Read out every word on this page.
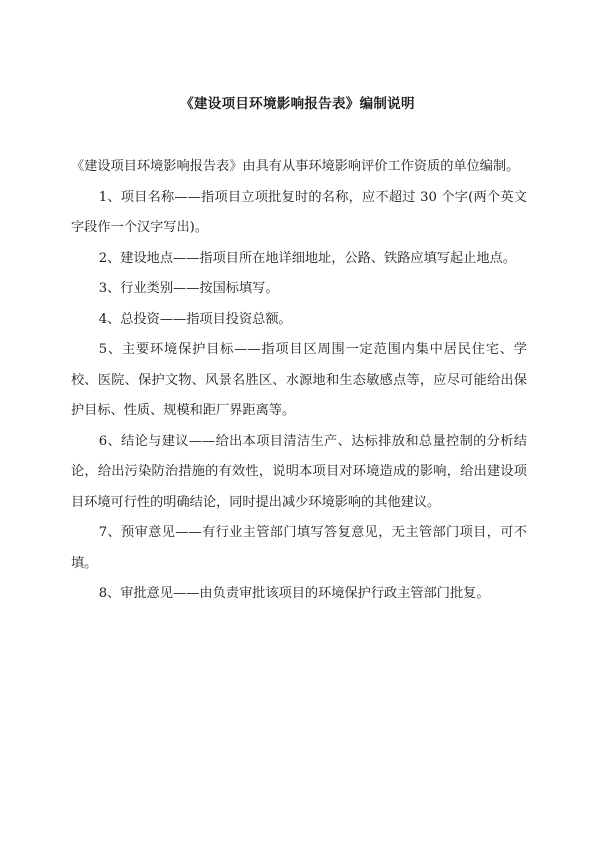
《建设项目环境影响报告表》编制说明

《建设项目环境影响报告表》由具有从事环境影响评价工作资质的单位编制。

1、项目名称——指项目立项批复时的名称，应不超过 30 个字(两个英文字段作一个汉字写出)。

2、建设地点——指项目所在地详细地址，公路、铁路应填写起止地点。

3、行业类别——按国标填写。

4、总投资——指项目投资总额。

5、主要环境保护目标——指项目区周围一定范围内集中居民住宅、学校、医院、保护文物、风景名胜区、水源地和生态敏感点等，应尽可能给出保护目标、性质、规模和距厂界距离等。

6、结论与建议——给出本项目清洁生产、达标排放和总量控制的分析结论，给出污染防治措施的有效性，说明本项目对环境造成的影响，给出建设项目环境可行性的明确结论，同时提出减少环境影响的其他建议。

7、预审意见——有行业主管部门填写答复意见，无主管部门项目，可不填。

8、审批意见——由负责审批该项目的环境保护行政主管部门批复。
